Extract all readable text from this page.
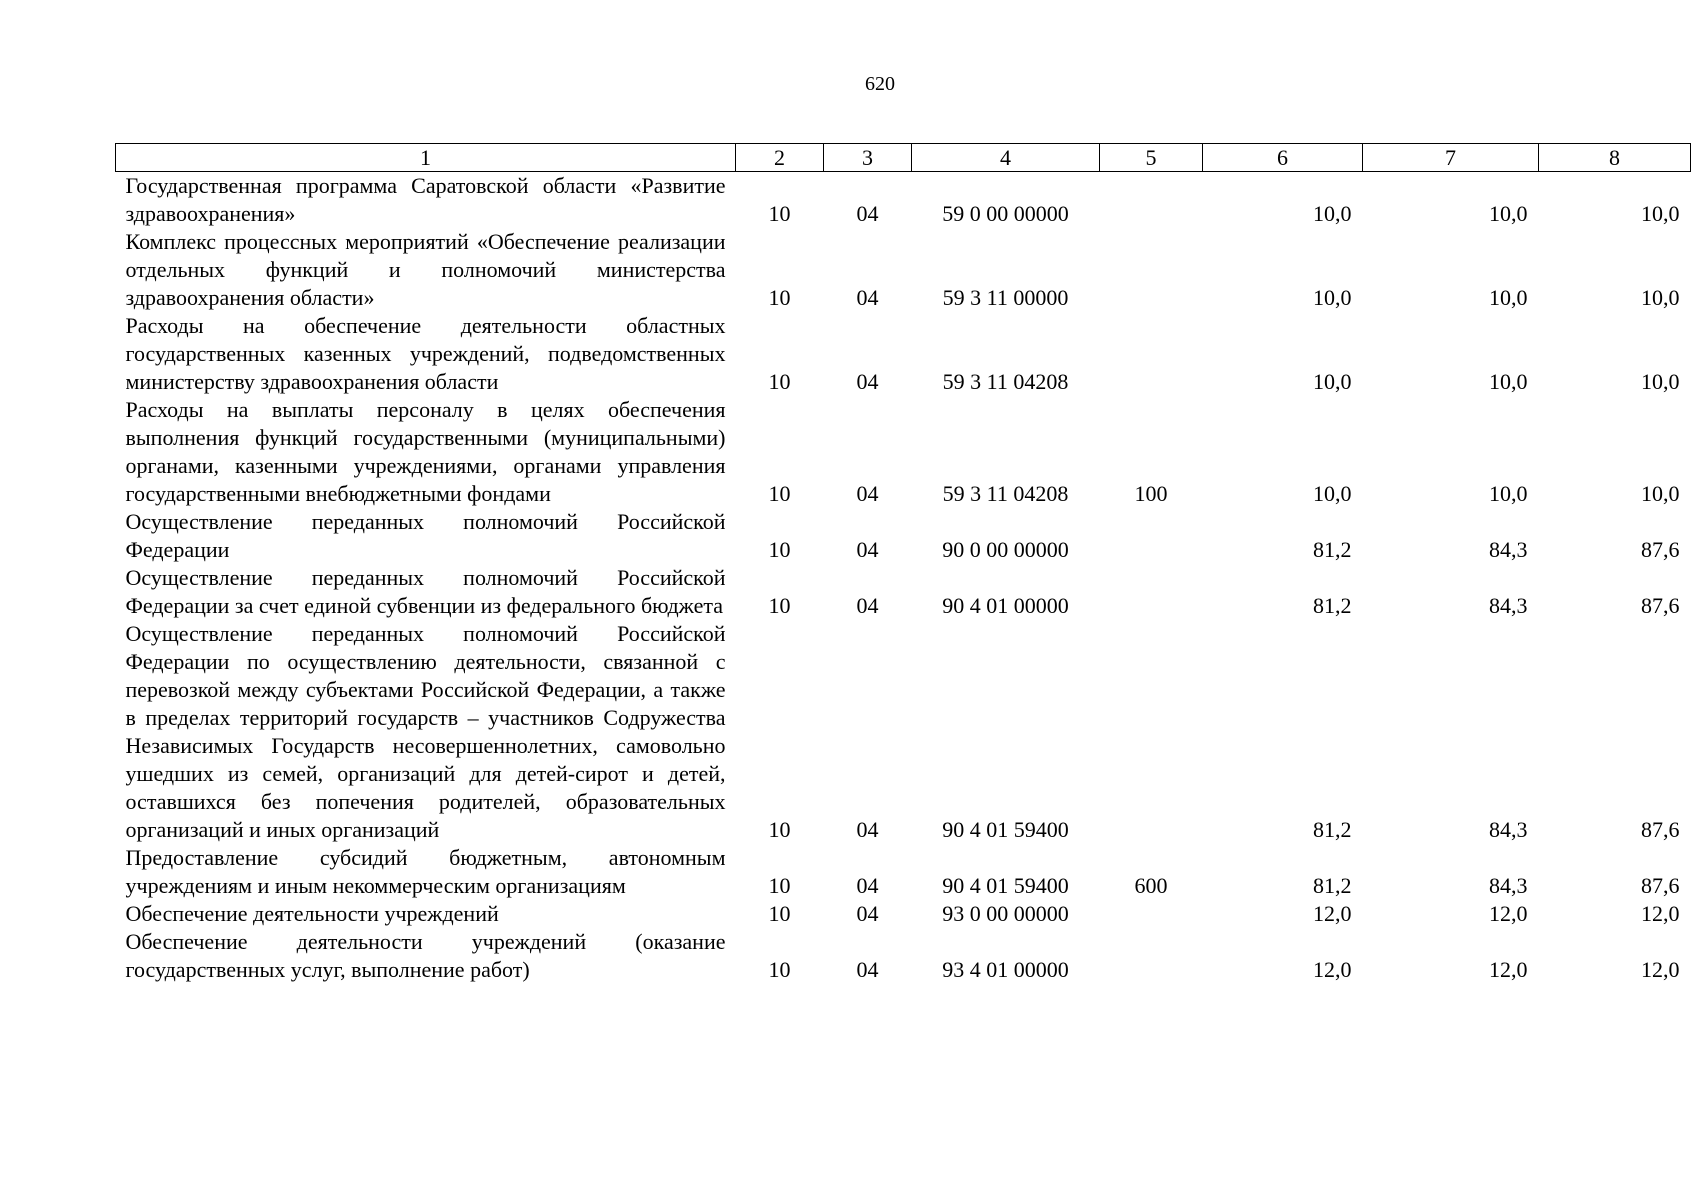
620
1	2	3	4	5	6	7	8
Государственная программа Саратовской области «Развитие здравоохранения»	10	04	59 0 00 00000		10,0	10,0	10,0
Комплекс процессных мероприятий «Обеспечение реализации отдельных функций и полномочий министерства здравоохранения области»	10	04	59 3 11 00000		10,0	10,0	10,0
Расходы на обеспечение деятельности областных государственных казенных учреждений, подведомственных министерству здравоохранения области	10	04	59 3 11 04208		10,0	10,0	10,0
Расходы на выплаты персоналу в целях обеспечения выполнения функций государственными (муниципальными) органами, казенными учреждениями, органами управления государственными внебюджетными фондами	10	04	59 3 11 04208	100	10,0	10,0	10,0
Осуществление переданных полномочий Российской Федерации	10	04	90 0 00 00000		81,2	84,3	87,6
Осуществление переданных полномочий Российской Федерации за счет единой субвенции из федерального бюджета	10	04	90 4 01 00000		81,2	84,3	87,6
Осуществление переданных полномочий Российской Федерации по осуществлению деятельности, связанной с перевозкой между субъектами Российской Федерации, а также в пределах территорий государств – участников Содружества Независимых Государств несовершеннолетних, самовольно ушедших из семей, организаций для детей-сирот и детей, оставшихся без попечения родителей, образовательных организаций и иных организаций	10	04	90 4 01 59400		81,2	84,3	87,6
Предоставление субсидий бюджетным, автономным учреждениям и иным некоммерческим организациям	10	04	90 4 01 59400	600	81,2	84,3	87,6
Обеспечение деятельности учреждений	10	04	93 0 00 00000		12,0	12,0	12,0
Обеспечение деятельности учреждений (оказание государственных услуг, выполнение работ)	10	04	93 4 01 00000		12,0	12,0	12,0
